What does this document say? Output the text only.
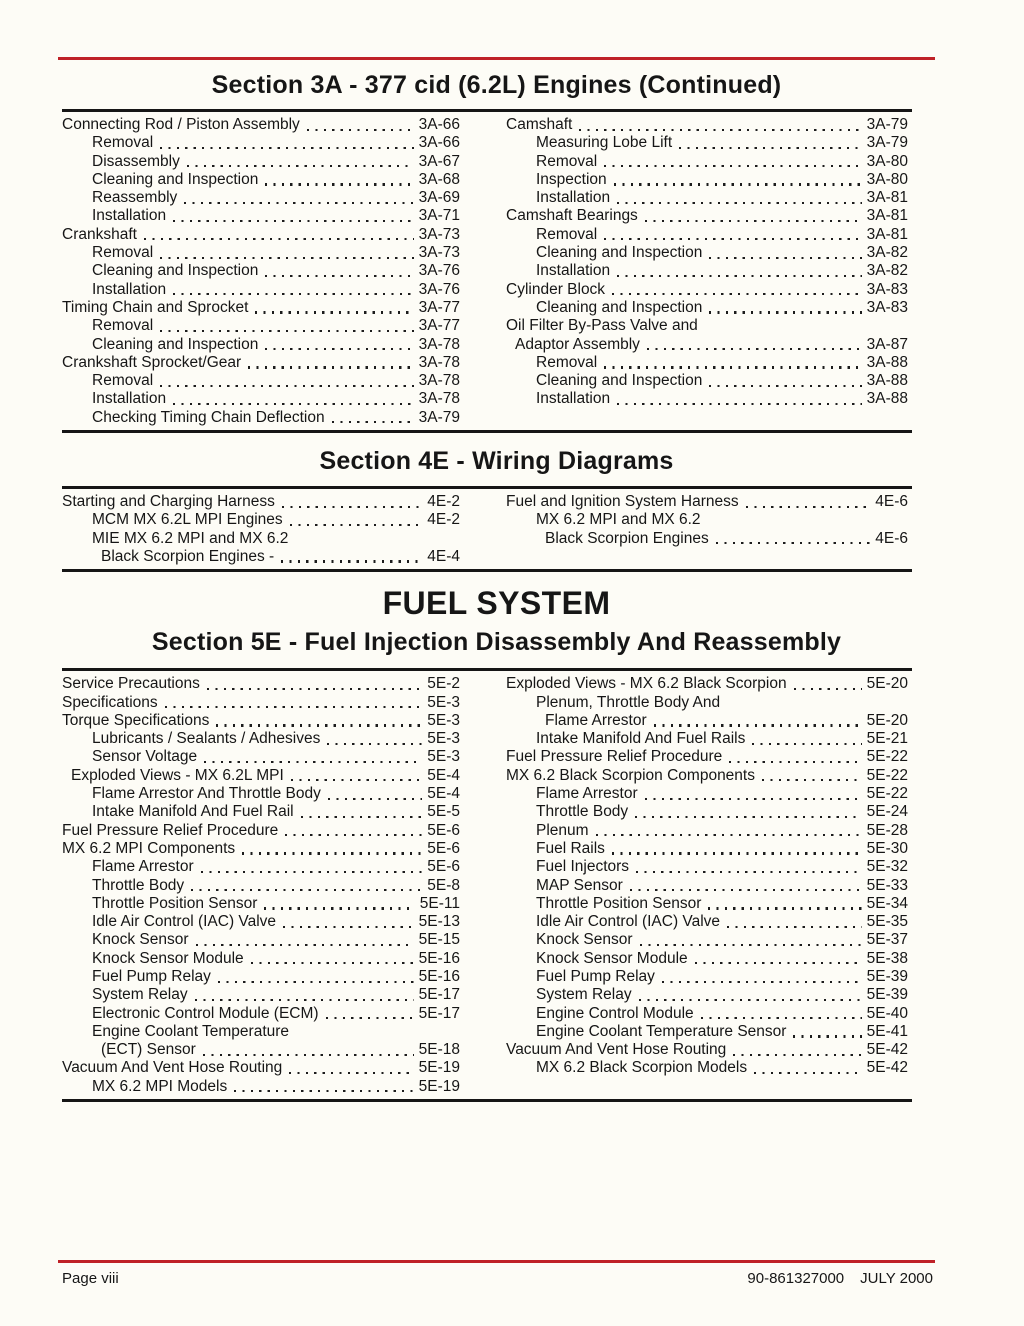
Section 3A - 377 cid (6.2L) Engines (Continued)
Connecting Rod / Piston Assembly	3A-66
Removal	3A-66
Disassembly	3A-67
Cleaning and Inspection	3A-68
Reassembly	3A-69
Installation	3A-71
Crankshaft	3A-73
Removal	3A-73
Cleaning and Inspection	3A-76
Installation	3A-76
Timing Chain and Sprocket	3A-77
Removal	3A-77
Cleaning and Inspection	3A-78
Crankshaft Sprocket/Gear	3A-78
Removal	3A-78
Installation	3A-78
Checking Timing Chain Deflection	3A-79
Camshaft	3A-79
Measuring Lobe Lift	3A-79
Removal	3A-80
Inspection	3A-80
Installation	3A-81
Camshaft Bearings	3A-81
Removal	3A-81
Cleaning and Inspection	3A-82
Installation	3A-82
Cylinder Block	3A-83
Cleaning and Inspection	3A-83
Oil Filter By-Pass Valve and
Adaptor Assembly	3A-87
Removal	3A-88
Cleaning and Inspection	3A-88
Installation	3A-88
Section 4E - Wiring Diagrams
Starting and Charging Harness	4E-2
MCM MX 6.2L MPI Engines	4E-2
MIE MX 6.2 MPI and MX 6.2
Black Scorpion Engines -	4E-4
Fuel and Ignition System Harness	4E-6
MX 6.2 MPI and MX 6.2
Black Scorpion Engines	4E-6
FUEL SYSTEM
Section 5E - Fuel Injection Disassembly And Reassembly
Service Precautions	5E-2
Specifications	5E-3
Torque Specifications	5E-3
Lubricants / Sealants / Adhesives	5E-3
Sensor Voltage	5E-3
Exploded Views - MX 6.2L MPI	5E-4
Flame Arrestor And Throttle Body	5E-4
Intake Manifold And Fuel Rail	5E-5
Fuel Pressure Relief Procedure	5E-6
MX 6.2 MPI Components	5E-6
Flame Arrestor	5E-6
Throttle Body	5E-8
Throttle Position Sensor	5E-11
Idle Air Control (IAC) Valve	5E-13
Knock Sensor	5E-15
Knock Sensor Module	5E-16
Fuel Pump Relay	5E-16
System Relay	5E-17
Electronic Control Module (ECM)	5E-17
Engine Coolant Temperature
(ECT) Sensor	5E-18
Vacuum And Vent Hose Routing	5E-19
MX 6.2 MPI Models	5E-19
Exploded Views - MX 6.2 Black Scorpion	5E-20
Plenum, Throttle Body And
Flame Arrestor	5E-20
Intake Manifold And Fuel Rails	5E-21
Fuel Pressure Relief Procedure	5E-22
MX 6.2 Black Scorpion Components	5E-22
Flame Arrestor	5E-22
Throttle Body	5E-24
Plenum	5E-28
Fuel Rails	5E-30
Fuel Injectors	5E-32
MAP Sensor	5E-33
Throttle Position Sensor	5E-34
Idle Air Control (IAC) Valve	5E-35
Knock Sensor	5E-37
Knock Sensor Module	5E-38
Fuel Pump Relay	5E-39
System Relay	5E-39
Engine Control Module	5E-40
Engine Coolant Temperature Sensor	5E-41
Vacuum And Vent Hose Routing	5E-42
MX 6.2 Black Scorpion Models	5E-42
Page viii	90-861327000 JULY 2000
